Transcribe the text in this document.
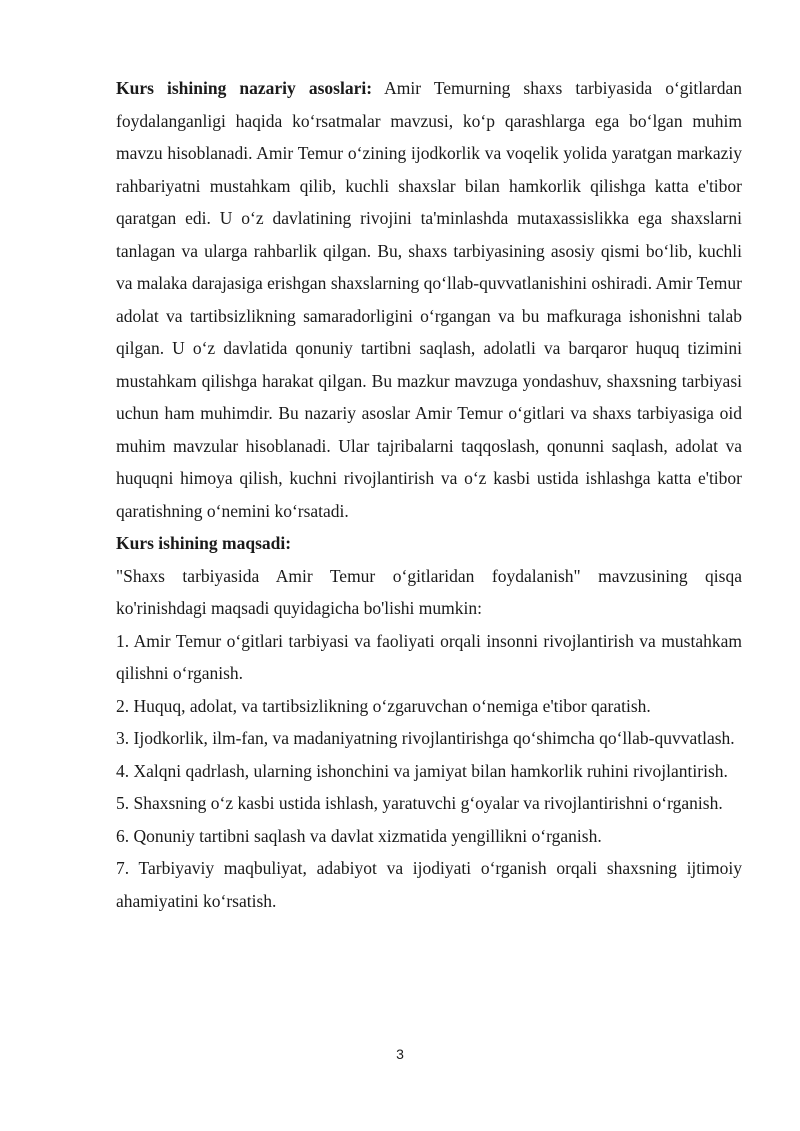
Kurs ishining nazariy asoslari: Amir Temurning shaxs tarbiyasida o‘gitlardan foydalanganligi haqida ko‘rsatmalar mavzusi, ko‘p qarashlarga ega bo‘lgan muhim mavzu hisoblanadi. Amir Temur o‘zining ijodkorlik va voqelik yolida yaratgan markaziy rahbariyatni mustahkam qilib, kuchli shaxslar bilan hamkorlik qilishga katta e'tibor qaratgan edi. U o‘z davlatining rivojini ta'minlashda mutaxassislikka ega shaxslarni tanlagan va ularga rahbarlik qilgan. Bu, shaxs tarbiyasining asosiy qismi bo‘lib, kuchli va malaka darajasiga erishgan shaxslarning qo‘llab-quvvatlanishini oshiradi. Amir Temur adolat va tartibsizlikning samaradorligini o‘rgangan va bu mafkuraga ishonishni talab qilgan. U o‘z davlatida qonuniy tartibni saqlash, adolatli va barqaror huquq tizimini mustahkam qilishga harakat qilgan. Bu mazkur mavzuga yondashuv, shaxsning tarbiyasi uchun ham muhimdir. Bu nazariy asoslar Amir Temur o‘gitlari va shaxs tarbiyasiga oid muhim mavzular hisoblanadi. Ular tajribalarni taqqoslash, qonunni saqlash, adolat va huquqni himoya qilish, kuchni rivojlantirish va o‘z kasbi ustida ishlashga katta e'tibor qaratishning o‘nemini ko‘rsatadi.

Kurs ishining maqsadi:

"Shaxs tarbiyasida Amir Temur o‘gitlaridan foydalanish" mavzusining qisqa ko'rinishdagi maqsadi quyidagicha bo'lishi mumkin:

1. Amir Temur o‘gitlari tarbiyasi va faoliyati orqali insonni rivojlantirish va mustahkam qilishni o‘rganish.
2. Huquq, adolat, va tartibsizlikning o‘zgaruvchan o‘nemiga e'tibor qaratish.
3. Ijodkorlik, ilm-fan, va madaniyatning rivojlantirishga qo‘shimcha qo‘llab-quvvatlash.
4. Xalqni qadrlash, ularning ishonchini va jamiyat bilan hamkorlik ruhini rivojlantirish.
5. Shaxsning o‘z kasbi ustida ishlash, yaratuvchi g‘oyalar va rivojlantirishni o‘rganish.
6. Qonuniy tartibni saqlash va davlat xizmatida yengillikni o‘rganish.
7. Tarbiyaviy maqbuliyat, adabiyot va ijodiyati o‘rganish orqali shaxsning ijtimoiy ahamiyatini ko‘rsatish.
3
